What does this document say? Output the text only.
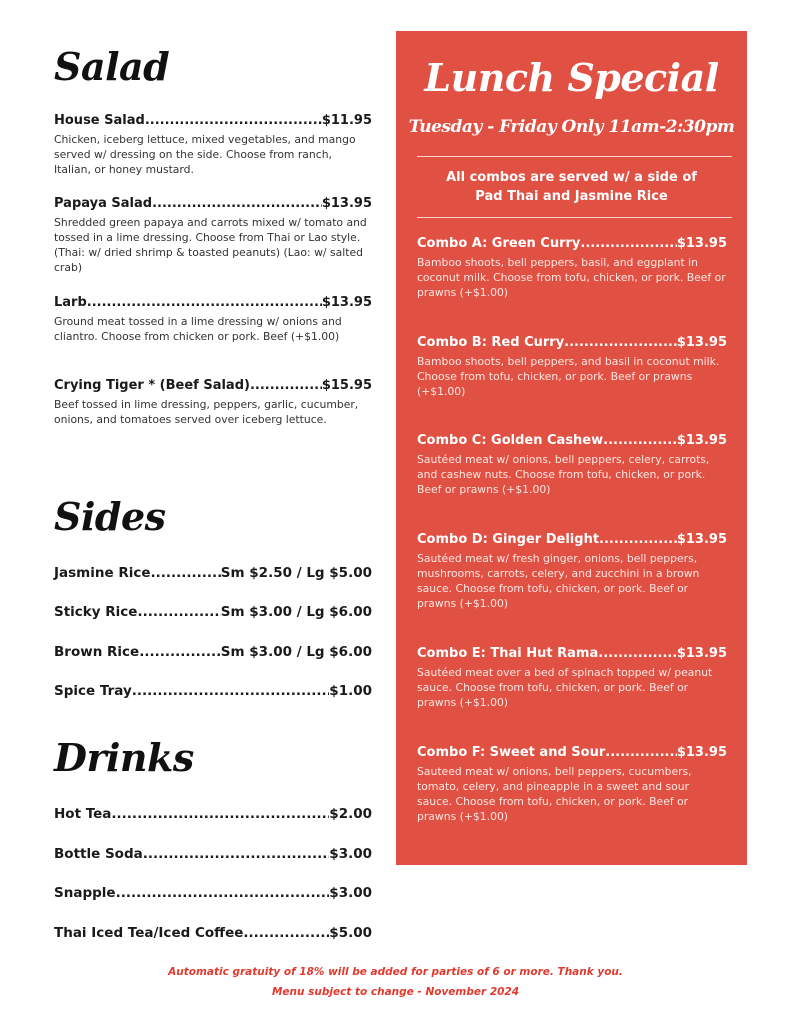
Salad
House Salad .....	$11.95
Chicken, iceberg lettuce, mixed vegetables, and mango served w/ dressing on the side. Choose from ranch, Italian, or honey mustard.
Papaya Salad .....	$13.95
Shredded green papaya and carrots mixed w/ tomato and tossed in a lime dressing. Choose from Thai or Lao style. (Thai: w/ dried shrimp & toasted peanuts) (Lao: w/ salted crab)
Larb .....	$13.95
Ground meat tossed in a lime dressing w/ onions and cliantro. Choose from chicken or pork. Beef (+$1.00)
Crying Tiger * (Beef Salad) .....	$15.95
Beef tossed in lime dressing, peppers, garlic, cucumber, onions, and tomatoes served over iceberg lettuce.
Sides
Jasmine Rice .....	Sm $2.50 / Lg $5.00
Sticky Rice .....	Sm $3.00 / Lg $6.00
Brown Rice .....	Sm $3.00 / Lg $6.00
Spice Tray .....	$1.00
Drinks
Hot Tea .....	$2.00
Bottle Soda .....	$3.00
Snapple .....	$3.00
Thai Iced Tea/Iced Coffee .....	$5.00
Lunch Special
Tuesday - Friday Only 11am-2:30pm
All combos are served w/ a side of
Pad Thai and Jasmine Rice
Combo A: Green Curry .....	$13.95
Bamboo shoots, bell peppers, basil, and eggplant in coconut milk. Choose from tofu, chicken, or pork. Beef or prawns (+$1.00)
Combo B: Red Curry .....	$13.95
Bamboo shoots, bell peppers, and basil in coconut milk. Choose from tofu, chicken, or pork. Beef or prawns (+$1.00)
Combo C: Golden Cashew .....	$13.95
Sautéed meat w/ onions, bell peppers, celery, carrots, and cashew nuts. Choose from tofu, chicken, or pork. Beef or prawns (+$1.00)
Combo D: Ginger Delight .....	$13.95
Sautéed meat w/ fresh ginger, onions, bell peppers, mushrooms, carrots, celery, and zucchini in a brown sauce. Choose from tofu, chicken, or pork. Beef or prawns (+$1.00)
Combo E: Thai Hut Rama .....	$13.95
Sautéed meat over a bed of spinach topped w/ peanut sauce. Choose from tofu, chicken, or pork. Beef or prawns (+$1.00)
Combo F: Sweet and Sour .....	$13.95
Sauteed meat w/ onions, bell peppers, cucumbers, tomato, celery, and pineapple in a sweet and sour sauce. Choose from tofu, chicken, or pork. Beef or prawns (+$1.00)
Automatic gratuity of 18% will be added for parties of 6 or more. Thank you.
Menu subject to change - November 2024
